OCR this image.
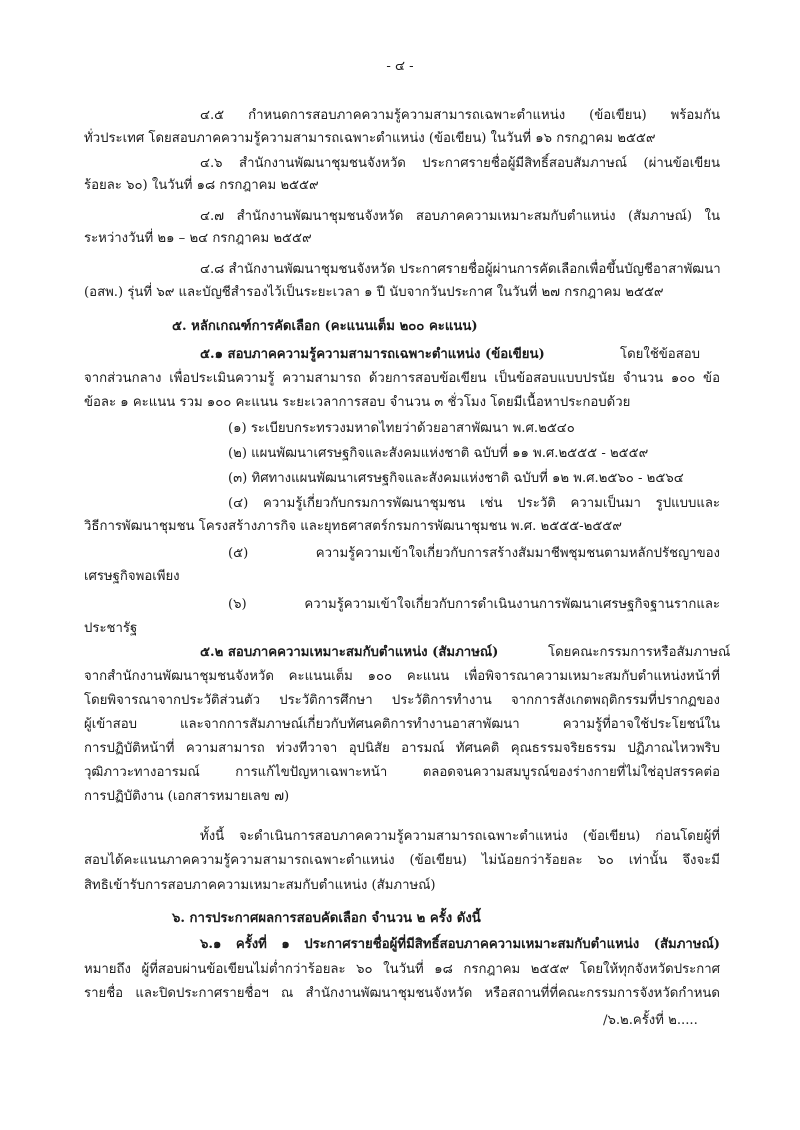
- ๔ -
๔.๕ กำหนดการสอบภาคความรู้ความสามารถเฉพาะตำแหน่ง (ข้อเขียน) พร้อมกัน
ทั่วประเทศ โดยสอบภาคความรู้ความสามารถเฉพาะตำแหน่ง (ข้อเขียน) ในวันที่ ๑๖ กรกฎาคม ๒๕๕๙
๔.๖ สำนักงานพัฒนาชุมชนจังหวัด ประกาศรายชื่อผู้มีสิทธิ์สอบสัมภาษณ์ (ผ่านข้อเขียน
ร้อยละ ๖๐) ในวันที่ ๑๘ กรกฎาคม ๒๕๕๙
๔.๗ สำนักงานพัฒนาชุมชนจังหวัด สอบภาคความเหมาะสมกับตำแหน่ง (สัมภาษณ์) ใน
ระหว่างวันที่ ๒๑ – ๒๔ กรกฎาคม ๒๕๕๙
๔.๘ สำนักงานพัฒนาชุมชนจังหวัด ประกาศรายชื่อผู้ผ่านการคัดเลือกเพื่อขึ้นบัญชีอาสาพัฒนา
(อสพ.) รุ่นที่ ๖๙ และบัญชีสำรองไว้เป็นระยะเวลา ๑ ปี นับจากวันประกาศ ในวันที่ ๒๗ กรกฎาคม ๒๕๕๙
๕. หลักเกณฑ์การคัดเลือก (คะแนนเต็ม ๒๐๐ คะแนน)
๕.๑ สอบภาคความรู้ความสามารถเฉพาะตำแหน่ง (ข้อเขียน)	โดยใช้ข้อสอบ
จากส่วนกลาง เพื่อประเมินความรู้ ความสามารถ ด้วยการสอบข้อเขียน เป็นข้อสอบแบบปรนัย จำนวน ๑๐๐ ข้อ
ข้อละ ๑ คะแนน รวม ๑๐๐ คะแนน ระยะเวลาการสอบ จำนวน ๓ ชั่วโมง โดยมีเนื้อหาประกอบด้วย
(๑) ระเบียบกระทรวงมหาดไทยว่าด้วยอาสาพัฒนา พ.ศ.๒๕๔๐
(๒) แผนพัฒนาเศรษฐกิจและสังคมแห่งชาติ ฉบับที่ ๑๑ พ.ศ.๒๕๕๕ - ๒๕๕๙
(๓) ทิศทางแผนพัฒนาเศรษฐกิจและสังคมแห่งชาติ ฉบับที่ ๑๒ พ.ศ.๒๕๖๐ - ๒๕๖๔
(๔) ความรู้เกี่ยวกับกรมการพัฒนาชุมชน เช่น ประวัติ ความเป็นมา รูปแบบและ
วิธีการพัฒนาชุมชน โครงสร้างภารกิจ และยุทธศาสตร์กรมการพัฒนาชุมชน พ.ศ. ๒๕๕๕-๒๕๕๙
(๕) ความรู้ความเข้าใจเกี่ยวกับการสร้างสัมมาชีพชุมชนตามหลักปรัชญาของ
เศรษฐกิจพอเพียง
(๖) ความรู้ความเข้าใจเกี่ยวกับการดำเนินงานการพัฒนาเศรษฐกิจฐานรากและ
ประชารัฐ
๕.๒ สอบภาคความเหมาะสมกับตำแหน่ง (สัมภาษณ์)	โดยคณะกรรมการหรือสัมภาษณ์
จากสำนักงานพัฒนาชุมชนจังหวัด คะแนนเต็ม ๑๐๐ คะแนน เพื่อพิจารณาความเหมาะสมกับตำแหน่งหน้าที่
โดยพิจารณาจากประวัติส่วนตัว ประวัติการศึกษา ประวัติการทำงาน จากการสังเกตพฤติกรรมที่ปรากฏของ
ผู้เข้าสอบ และจากการสัมภาษณ์เกี่ยวกับทัศนคติการทำงานอาสาพัฒนา ความรู้ที่อาจใช้ประโยชน์ใน
การปฏิบัติหน้าที่ ความสามารถ ท่วงทีวาจา อุปนิสัย อารมณ์ ทัศนคติ คุณธรรมจริยธรรม ปฏิภาณไหวพริบ
วุฒิภาวะทางอารมณ์ การแก้ไขปัญหาเฉพาะหน้า ตลอดจนความสมบูรณ์ของร่างกายที่ไม่ใช่อุปสรรคต่อ
การปฏิบัติงาน (เอกสารหมายเลข ๗)
ทั้งนี้ จะดำเนินการสอบภาคความรู้ความสามารถเฉพาะตำแหน่ง (ข้อเขียน) ก่อนโดยผู้ที่
สอบได้คะแนนภาคความรู้ความสามารถเฉพาะตำแหน่ง (ข้อเขียน) ไม่น้อยกว่าร้อยละ ๖๐ เท่านั้น จึงจะมี
สิทธิเข้ารับการสอบภาคความเหมาะสมกับตำแหน่ง (สัมภาษณ์)
๖. การประกาศผลการสอบคัดเลือก จำนวน ๒ ครั้ง ดังนี้
๖.๑ ครั้งที่ ๑ ประกาศรายชื่อผู้ที่มีสิทธิ์สอบภาคความเหมาะสมกับตำแหน่ง (สัมภาษณ์)
หมายถึง ผู้ที่สอบผ่านข้อเขียนไม่ต่ำกว่าร้อยละ ๖๐ ในวันที่ ๑๘ กรกฎาคม ๒๕๕๙ โดยให้ทุกจังหวัดประกาศ
รายชื่อ และปิดประกาศรายชื่อฯ ณ สำนักงานพัฒนาชุมชนจังหวัด หรือสถานที่ที่คณะกรรมการจังหวัดกำหนด
/๖.๒.ครั้งที่ ๒.....
